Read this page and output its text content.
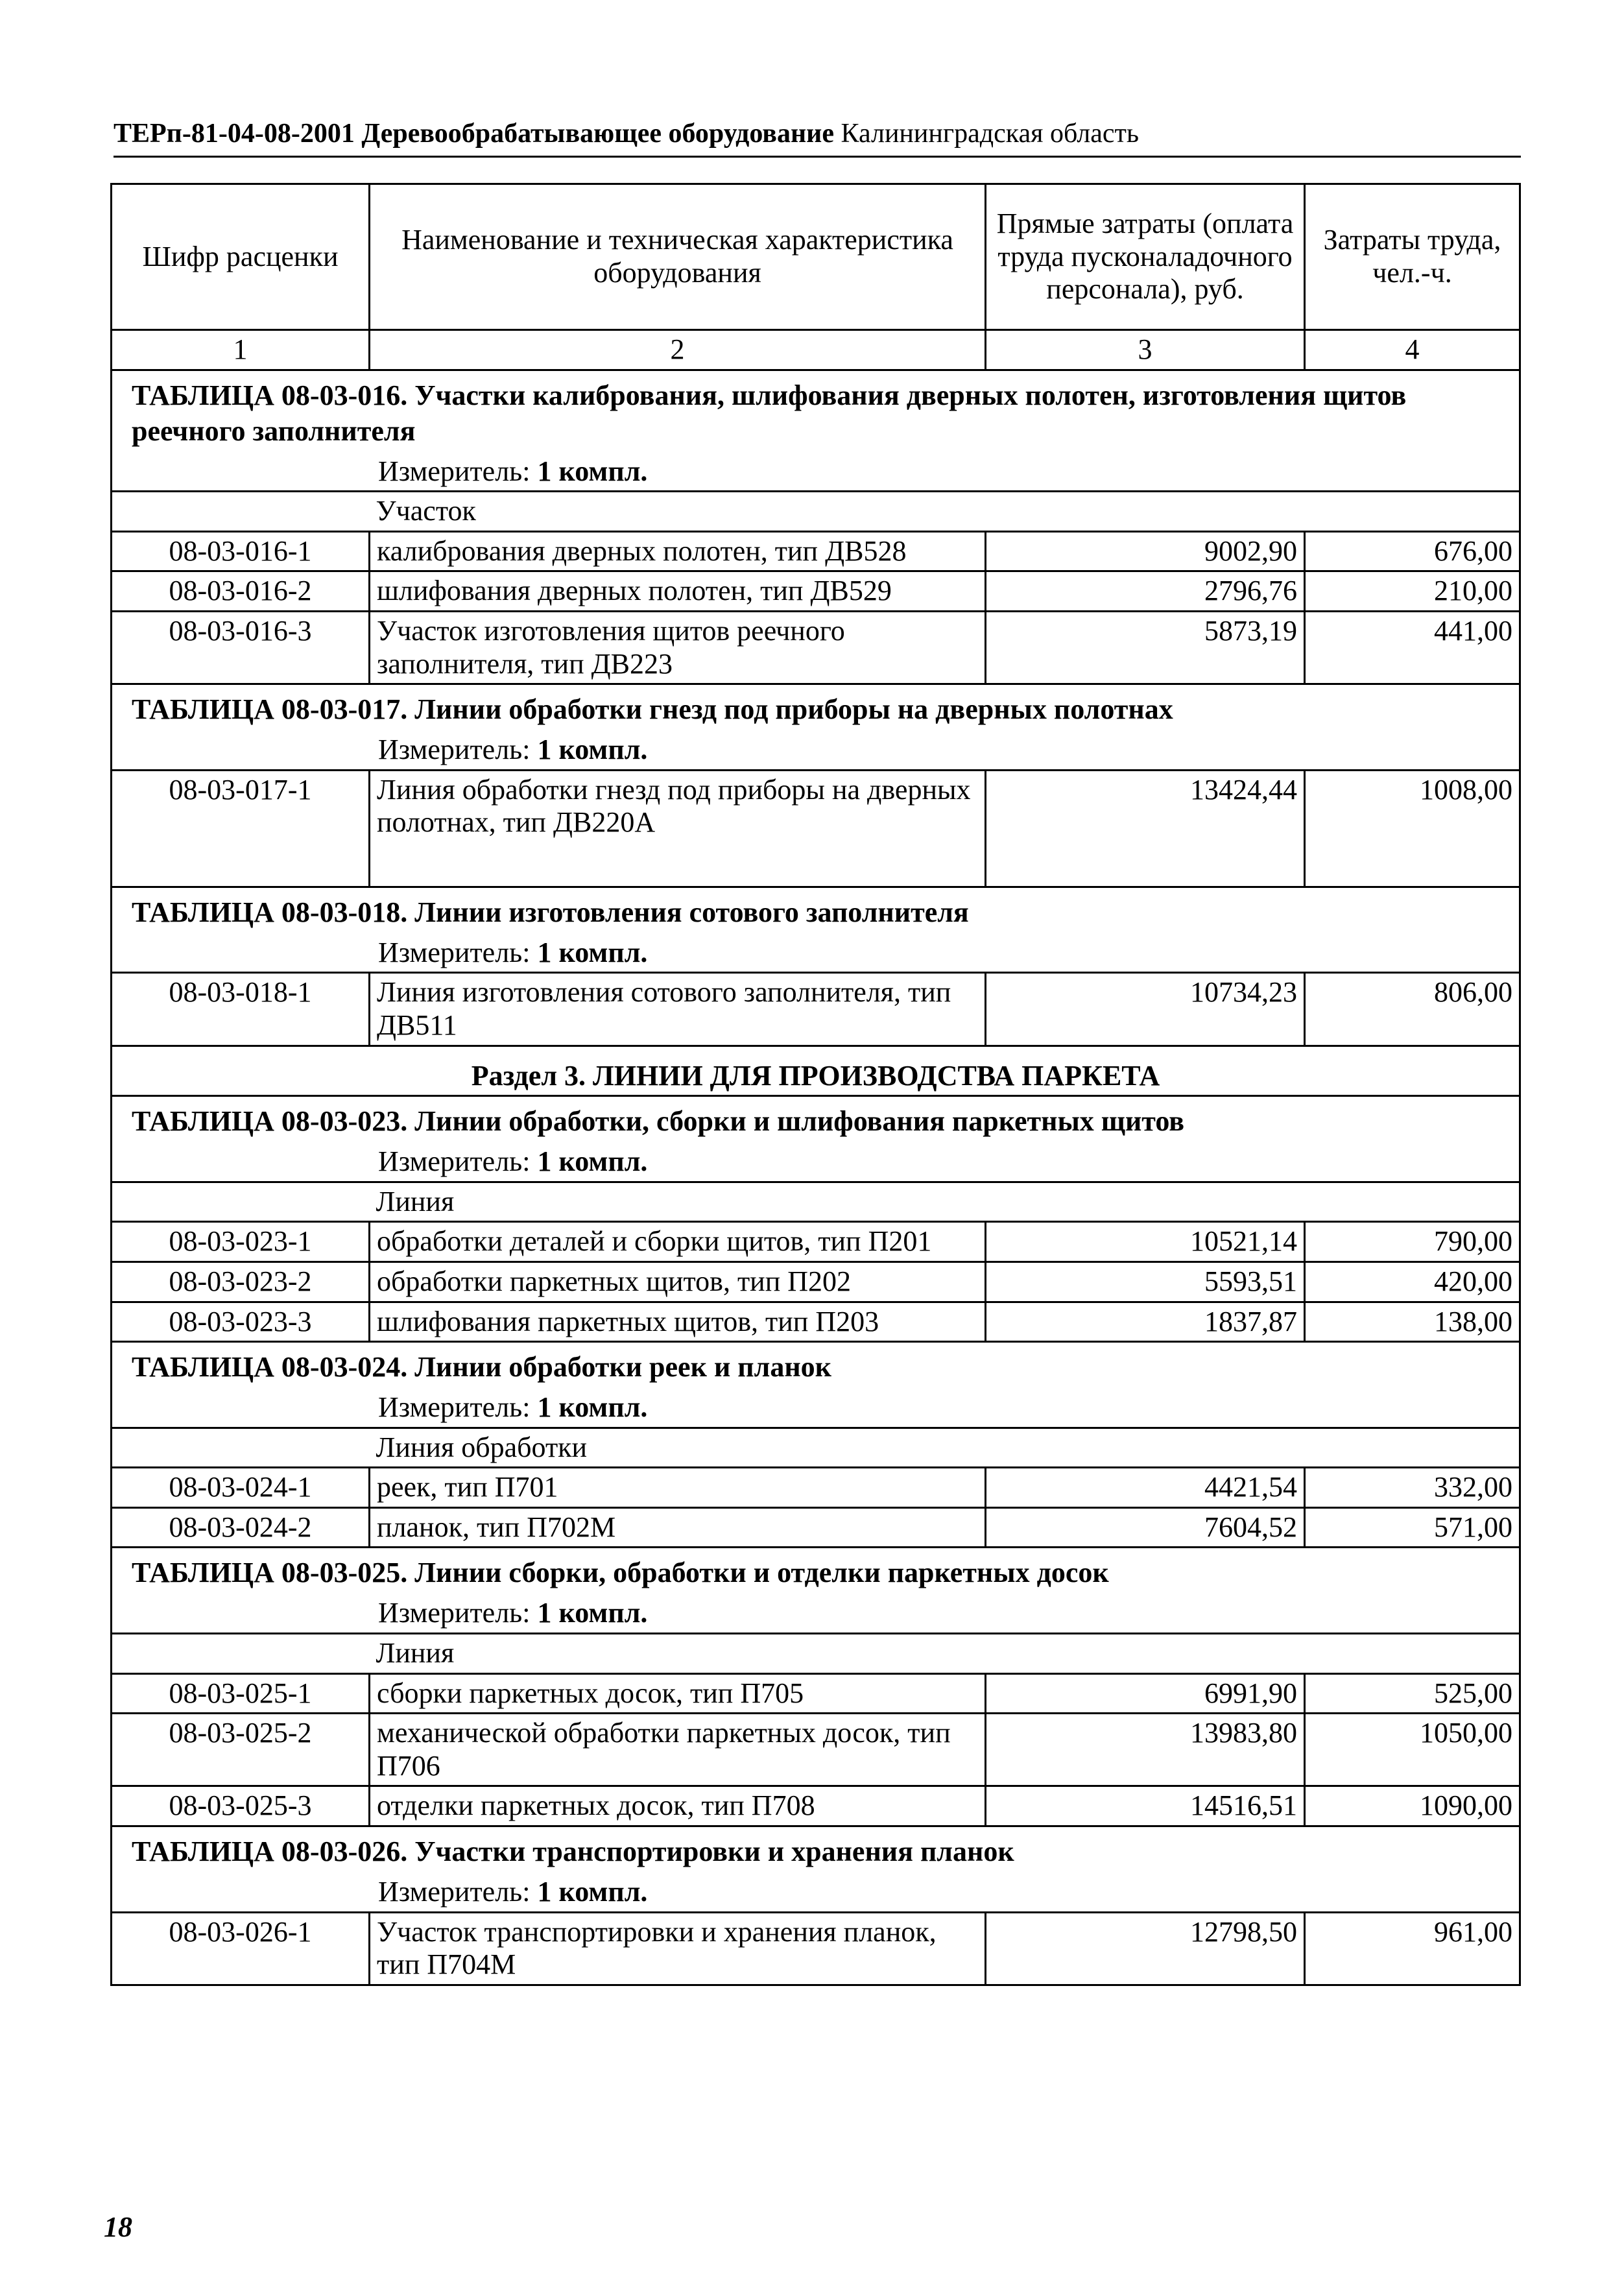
ТЕРп-81-04-08-2001 Деревообрабатывающее оборудование Калининградская область
Шифр расценки	Наименование и техническая характеристика оборудования	Прямые затраты (оплата труда пусконаладочного персонала), руб.	Затраты труда, чел.-ч.
1	2	3	4
ТАБЛИЦА 08-03-016. Участки калибрования, шлифования дверных полотен, изготовления щитов реечного заполнителя			
Измеритель: 1 компл.			
	Участок		
08-03-016-1	калибрования дверных полотен, тип ДВ528	9002,90	676,00
08-03-016-2	шлифования дверных полотен, тип ДВ529	2796,76	210,00
08-03-016-3	Участок изготовления щитов реечного заполнителя, тип ДВ223	5873,19	441,00
ТАБЛИЦА 08-03-017. Линии обработки гнезд под приборы на дверных полотнах			
Измеритель: 1 компл.			
08-03-017-1	Линия обработки гнезд под приборы на дверных полотнах, тип ДВ220А	13424,44	1008,00
ТАБЛИЦА 08-03-018. Линии изготовления сотового заполнителя			
Измеритель: 1 компл.			
08-03-018-1	Линия изготовления сотового заполнителя, тип ДВ511	10734,23	806,00
Раздел 3. ЛИНИИ ДЛЯ ПРОИЗВОДСТВА ПАРКЕТА			
ТАБЛИЦА 08-03-023. Линии обработки, сборки и шлифования паркетных щитов			
Измеритель: 1 компл.			
	Линия		
08-03-023-1	обработки деталей и сборки щитов, тип П201	10521,14	790,00
08-03-023-2	обработки паркетных щитов, тип П202	5593,51	420,00
08-03-023-3	шлифования паркетных щитов, тип П203	1837,87	138,00
ТАБЛИЦА 08-03-024. Линии обработки реек и планок			
Измеритель: 1 компл.			
	Линия обработки		
08-03-024-1	реек, тип П701	4421,54	332,00
08-03-024-2	планок, тип П702М	7604,52	571,00
ТАБЛИЦА 08-03-025. Линии сборки, обработки и отделки паркетных досок			
Измеритель: 1 компл.			
	Линия		
08-03-025-1	сборки паркетных досок, тип П705	6991,90	525,00
08-03-025-2	механической обработки паркетных досок, тип П706	13983,80	1050,00
08-03-025-3	отделки паркетных досок, тип П708	14516,51	1090,00
ТАБЛИЦА 08-03-026. Участки транспортировки и хранения планок			
Измеритель: 1 компл.			
08-03-026-1	Участок транспортировки и хранения планок, тип П704М	12798,50	961,00
18
